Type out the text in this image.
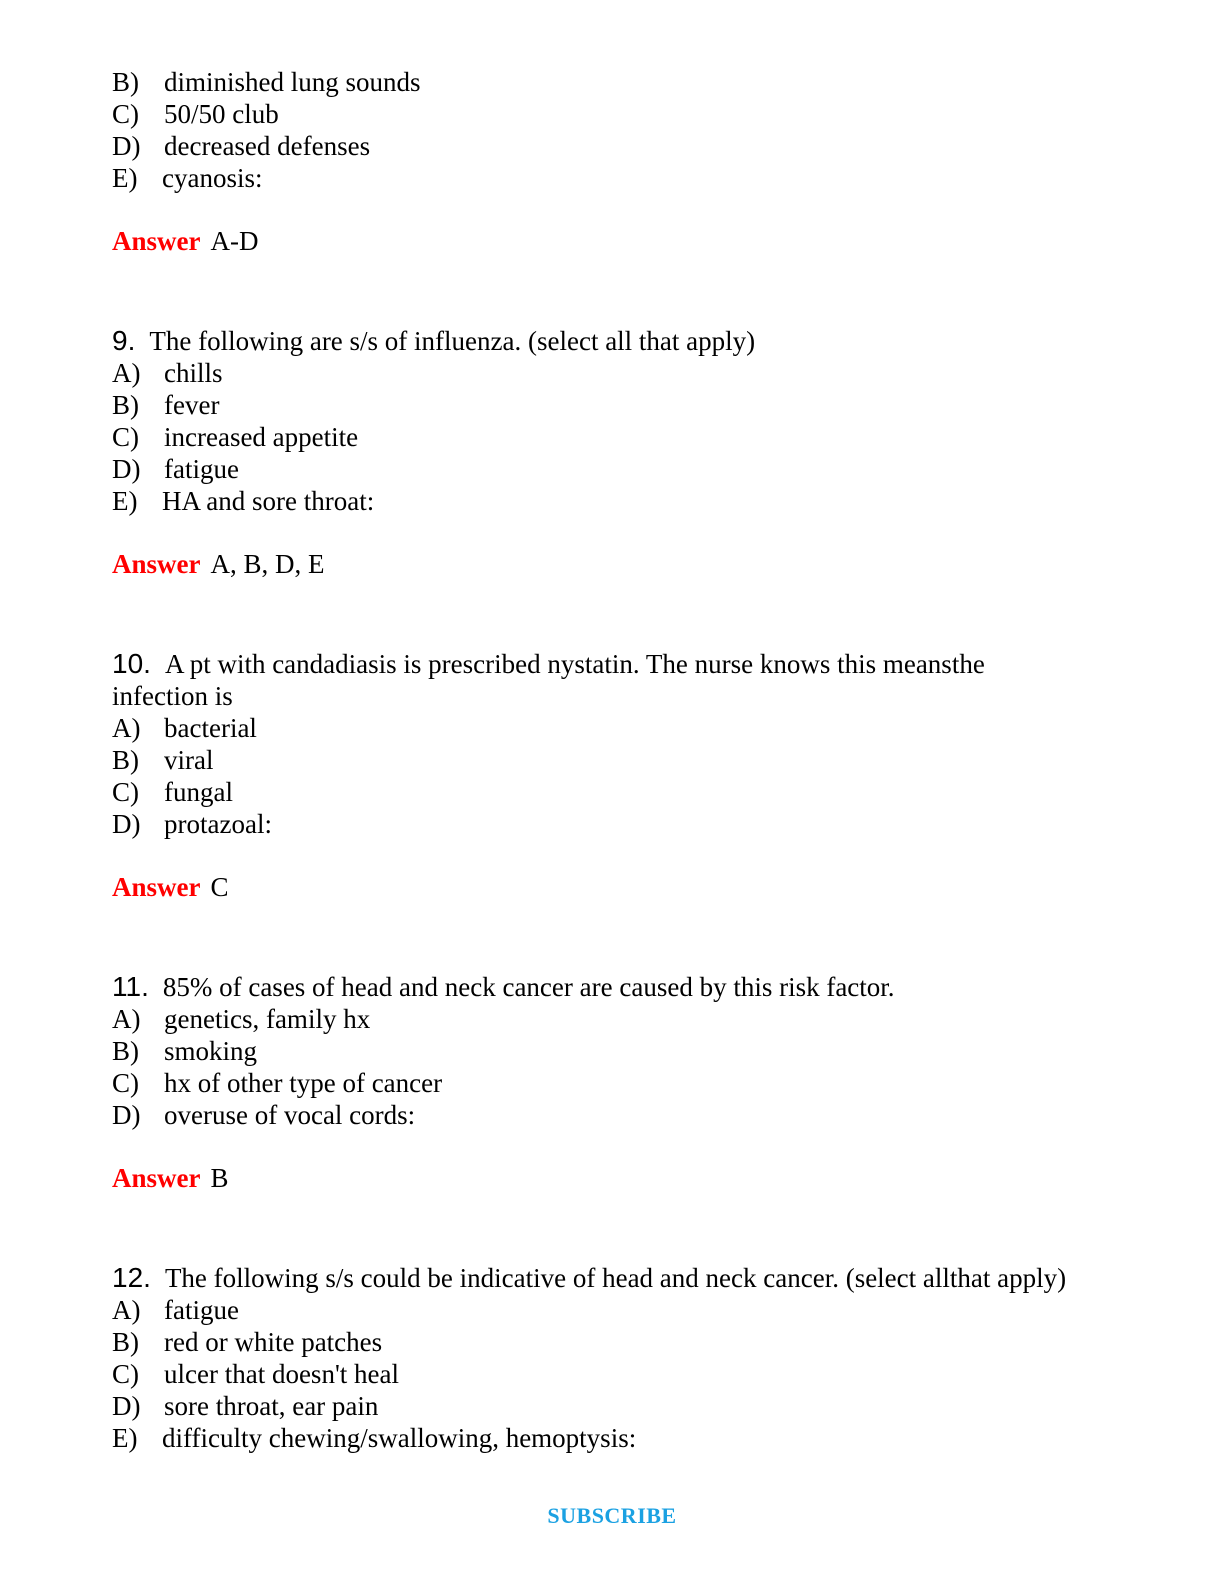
B) diminished lung sounds
C) 50/50 club
D) decreased defenses
E) cyanosis:
Answer A-D
9. The following are s/s of influenza. (select all that apply)
A) chills
B) fever
C) increased appetite
D) fatigue
E) HA and sore throat:
Answer A, B, D, E
10. A pt with candadiasis is prescribed nystatin. The nurse knows this meansthe infection is
A) bacterial
B) viral
C) fungal
D) protazoal:
Answer C
11. 85% of cases of head and neck cancer are caused by this risk factor.
A) genetics, family hx
B) smoking
C) hx of other type of cancer
D) overuse of vocal cords:
Answer B
12. The following s/s could be indicative of head and neck cancer. (select allthat apply)
A) fatigue
B) red or white patches
C) ulcer that doesn't heal
D) sore throat, ear pain
E) difficulty chewing/swallowing, hemoptysis:
SUBSCRIBE
